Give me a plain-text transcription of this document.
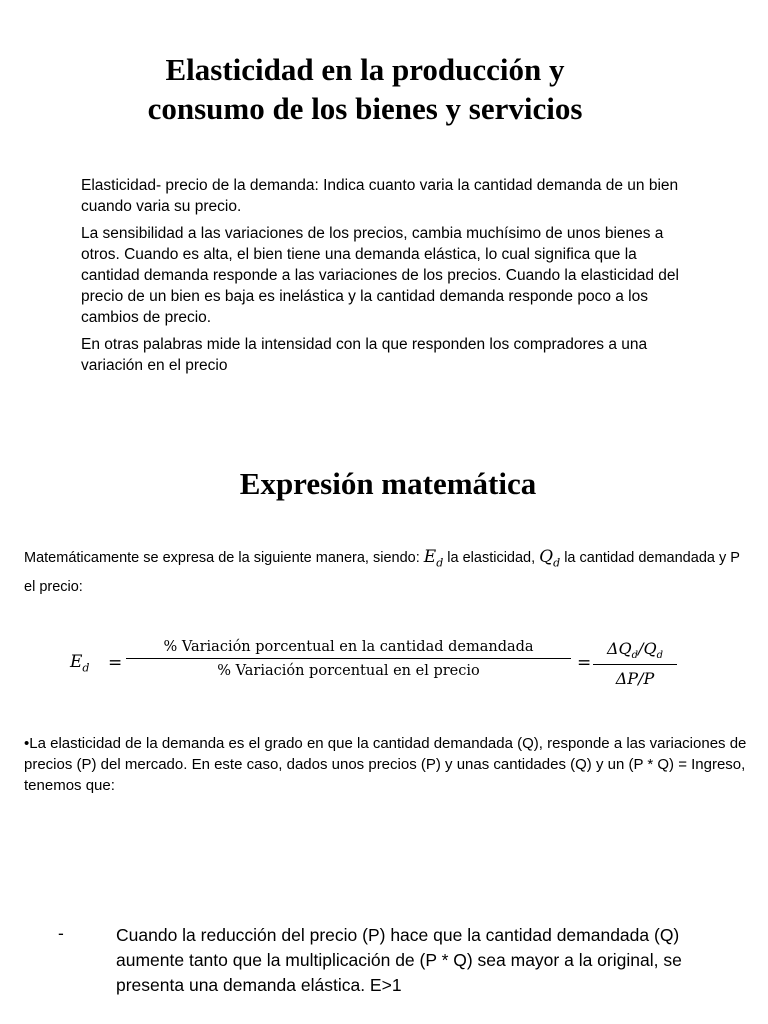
Elasticidad en la producción y
consumo de los bienes y servicios

Elasticidad- precio de la demanda: Indica cuanto varia la cantidad demanda de un bien cuando varia su precio.

La sensibilidad a las variaciones de los precios, cambia muchísimo de unos bienes a otros. Cuando es alta, el bien tiene una demanda elástica, lo cual significa que la cantidad demanda responde a las variaciones de los precios. Cuando la elasticidad del precio de un bien es baja es inelástica y la cantidad demanda responde poco a los cambios de precio.

En otras palabras mide la intensidad con la que responden los compradores a una variación en el precio

Expresión matemática
Matemáticamente se expresa de la siguiente manera, siendo: $E_d$ la elasticidad, $Q_d$ la cantidad demandada y P el precio:
$E_d$ =
% Variación porcentual en la cantidad demandada
% Variación porcentual en el precio	=
$\Delta Q_d/Q_d$
ΔP/P
•La elasticidad de la demanda es el grado en que la cantidad demandada (Q), responde a las variaciones de precios (P) del mercado. En este caso, dados unos precios (P) y unas cantidades (Q) y un (P * Q) = Ingreso, tenemos que:
-	Cuando la reducción del precio (P) hace que la cantidad demandada (Q) aumente tanto que la multiplicación de (P * Q) sea mayor a la original, se presenta una demanda elástica. E>1
